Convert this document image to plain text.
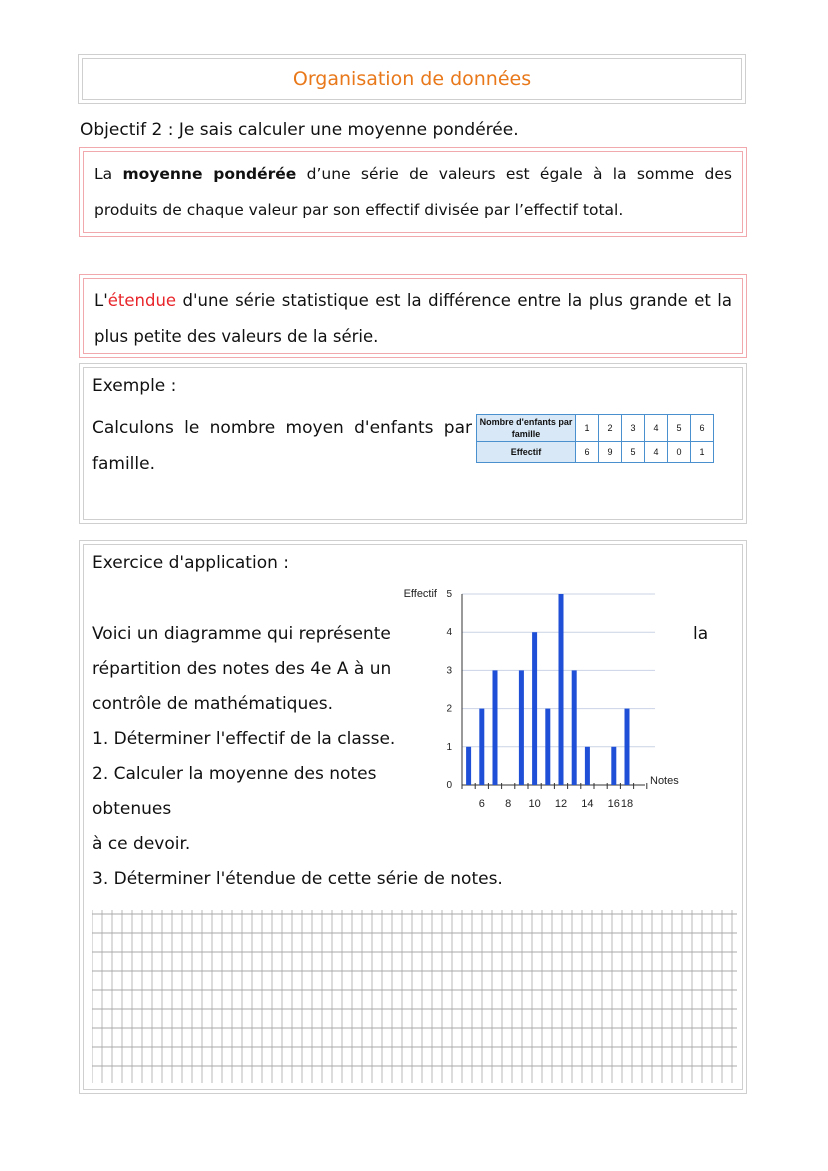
Organisation de données
Objectif 2 : Je sais calculer une moyenne pondérée.
La moyenne pondérée d’une série de valeurs est égale à la somme des produits de chaque valeur par son effectif divisée par l’effectif total.
L'étendue d'une série statistique est la différence entre la plus grande et la plus petite des valeurs de la série.
Exemple :
Calculons le nombre moyen d'enfants par famille.
Nombre d'enfants par famille	1	2	3	4	5	6
Effectif	6	9	5	4	0	1
Exercice d'application :
Voici un diagramme qui représente
répartition des notes des 4e A à un
contrôle de mathématiques.
1. Déterminer l'effectif de la classe.
2. Calculer la moyenne des notes
obtenues
à ce devoir.
3. Déterminer l'étendue de cette série de notes.
la
0
1
2
3
4
5
Effectif
6 8 10 12 14 16 18
Notes
